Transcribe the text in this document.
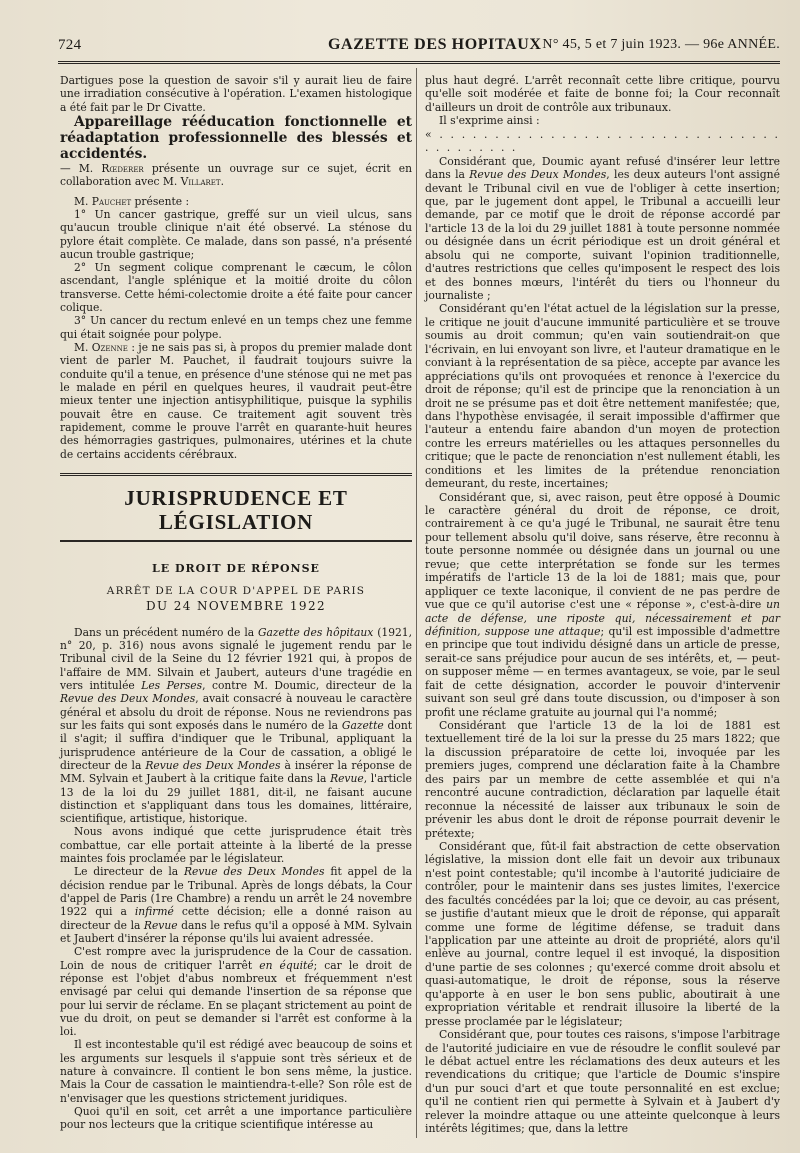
724	GAZETTE DES HOPITAUX N° 45, 5 et 7 juin 1923. — 96e ANNÉE.

Dartigues pose la question de savoir s'il y aurait lieu de faire une irradiation consécutive à l'opération. L'examen histologique a été fait par le Dr Civatte.

Appareillage rééducation fonctionnelle et réadaptation professionnelle des blessés et accidentés.

— M. Rœderer présente un ouvrage sur ce sujet, écrit en collaboration avec M. Villaret.

M. Pauchet présente :

1° Un cancer gastrique, greffé sur un vieil ulcus, sans qu'aucun trouble clinique n'ait été observé. La sténose du pylore était complète. Ce malade, dans son passé, n'a présenté aucun trouble gastrique;

2° Un segment colique comprenant le cæcum, le côlon ascendant, l'angle splénique et la moitié droite du côlon transverse. Cette hémi-colectomie droite a été faite pour cancer colique.

3° Un cancer du rectum enlevé en un temps chez une femme qui était soignée pour polype.

M. Ozenne : je ne sais pas si, à propos du premier malade dont vient de parler M. Pauchet, il faudrait toujours suivre la conduite qu'il a tenue, en présence d'une sténose qui ne met pas le malade en péril en quelques heures, il vaudrait peut-être mieux tenter une injection antisyphilitique, puisque la syphilis pouvait être en cause. Ce traitement agit souvent très rapidement, comme le prouve l'arrêt en quarante-huit heures des hémorragies gastriques, pulmonaires, utérines et la chute de certains accidents cérébraux.

JURISPRUDENCE ET LÉGISLATION
LE DROIT DE RÉPONSE
ARRÊT DE LA COUR D'APPEL DE PARIS
DU 24 NOVEMBRE 1922

Dans un précédent numéro de la Gazette des hôpitaux (1921, n° 20, p. 316) nous avons signalé le jugement rendu par le Tribunal civil de la Seine du 12 février 1921 qui, à propos de l'affaire de MM. Silvain et Jaubert, auteurs d'une tragédie en vers intitulée Les Perses, contre M. Doumic, directeur de la Revue des Deux Mondes, avait consacré à nouveau le caractère général et absolu du droit de réponse. Nous ne reviendrons pas sur les faits qui sont exposés dans le numéro de la Gazette dont il s'agit; il suffira d'indiquer que le Tribunal, appliquant la jurisprudence antérieure de la Cour de cassation, a obligé le directeur de la Revue des Deux Mondes à insérer la réponse de MM. Sylvain et Jaubert à la critique faite dans la Revue, l'article 13 de la loi du 29 juillet 1881, dit-il, ne faisant aucune distinction et s'appliquant dans tous les domaines, littéraire, scientifique, artistique, historique.

Nous avons indiqué que cette jurisprudence était très combattue, car elle portait atteinte à la liberté de la presse maintes fois proclamée par le législateur.

Le directeur de la Revue des Deux Mondes fit appel de la décision rendue par le Tribunal. Après de longs débats, la Cour d'appel de Paris (1re Chambre) a rendu un arrêt le 24 novembre 1922 qui a infirmé cette décision; elle a donné raison au directeur de la Revue dans le refus qu'il a opposé à MM. Sylvain et Jaubert d'insérer la réponse qu'ils lui avaient adressée.

C'est rompre avec la jurisprudence de la Cour de cassation. Loin de nous de critiquer l'arrêt en équité; car le droit de réponse est l'objet d'abus nombreux et fréquemment n'est envisagé par celui qui demande l'insertion de sa réponse que pour lui servir de réclame. En se plaçant strictement au point de vue du droit, on peut se demander si l'arrêt est conforme à la loi.

Il est incontestable qu'il est rédigé avec beaucoup de soins et les arguments sur lesquels il s'appuie sont très sérieux et de nature à convaincre. Il contient le bon sens même, la justice. Mais la Cour de cassation le maintiendra-t-elle? Son rôle est de n'envisager que les questions strictement juridiques.

Quoi qu'il en soit, cet arrêt a une importance particulière pour nos lecteurs que la critique scientifique intéresse au

plus haut degré. L'arrêt reconnaît cette libre critique, pourvu qu'elle soit modérée et faite de bonne foi; la Cour reconnaît d'ailleurs un droit de contrôle aux tribunaux.

Il s'exprime ainsi :

« . . . . . . . . . . . . . . . . . . . . . . . . . . . . . . . . . . . . . . . .

Considérant que, Doumic ayant refusé d'insérer leur lettre dans la Revue des Deux Mondes, les deux auteurs l'ont assigné devant le Tribunal civil en vue de l'obliger à cette insertion; que, par le jugement dont appel, le Tribunal a accueilli leur demande, par ce motif que le droit de réponse accordé par l'article 13 de la loi du 29 juillet 1881 à toute personne nommée ou désignée dans un écrit périodique est un droit général et absolu qui ne comporte, suivant l'opinion traditionnelle, d'autres restrictions que celles qu'imposent le respect des lois et des bonnes mœurs, l'intérêt du tiers ou l'honneur du journaliste ;

Considérant qu'en l'état actuel de la législation sur la presse, le critique ne jouit d'aucune immunité particulière et se trouve soumis au droit commun; qu'en vain soutiendrait-on que l'écrivain, en lui envoyant son livre, et l'auteur dramatique en le conviant à la représentation de sa pièce, accepte par avance les appréciations qu'ils ont provoquées et renonce à l'exercice du droit de réponse; qu'il est de principe que la renonciation à un droit ne se présume pas et doit être nettement manifestée; que, dans l'hypothèse envisagée, il serait impossible d'affirmer que l'auteur a entendu faire abandon d'un moyen de protection contre les erreurs matérielles ou les attaques personnelles du critique; que le pacte de renonciation n'est nullement établi, les conditions et les limites de la prétendue renonciation demeurant, du reste, incertaines;

Considérant que, si, avec raison, peut être opposé à Doumic le caractère général du droit de réponse, ce droit, contrairement à ce qu'a jugé le Tribunal, ne saurait être tenu pour tellement absolu qu'il doive, sans réserve, être reconnu à toute personne nommée ou désignée dans un journal ou une revue; que cette interprétation se fonde sur les termes impératifs de l'article 13 de la loi de 1881; mais que, pour appliquer ce texte laconique, il convient de ne pas perdre de vue que ce qu'il autorise c'est une « réponse », c'est-à-dire un acte de défense, une riposte qui, nécessairement et par définition, suppose une attaque; qu'il est impossible d'admettre en principe que tout individu désigné dans un article de presse, serait-ce sans préjudice pour aucun de ses intérêts, et, — peut-on supposer même — en termes avantageux, se voie, par le seul fait de cette désignation, accorder le pouvoir d'intervenir suivant son seul gré dans toute discussion, ou d'imposer à son profit une réclame gratuite au journal qui l'a nommé;

Considérant que l'article 13 de la loi de 1881 est textuellement tiré de la loi sur la presse du 25 mars 1822; que la discussion préparatoire de cette loi, invoquée par les premiers juges, comprend une déclaration faite à la Chambre des pairs par un membre de cette assemblée et qui n'a rencontré aucune contradiction, déclaration par laquelle était reconnue la nécessité de laisser aux tribunaux le soin de prévenir les abus dont le droit de réponse pourrait devenir le prétexte;

Considérant que, fût-il fait abstraction de cette observation législative, la mission dont elle fait un devoir aux tribunaux n'est point contestable; qu'il incombe à l'autorité judiciaire de contrôler, pour le maintenir dans ses justes limites, l'exercice des facultés concédées par la loi; que ce devoir, au cas présent, se justifie d'autant mieux que le droit de réponse, qui apparaît comme une forme de légitime défense, se traduit dans l'application par une atteinte au droit de propriété, alors qu'il enlève au journal, contre lequel il est invoqué, la disposition d'une partie de ses colonnes ; qu'exercé comme droit absolu et quasi-automatique, le droit de réponse, sous la réserve qu'apporte à en user le bon sens public, aboutirait à une expropriation véritable et rendrait illusoire la liberté de la presse proclamée par le législateur;

Considérant que, pour toutes ces raisons, s'impose l'arbitrage de l'autorité judiciaire en vue de résoudre le conflit soulevé par le débat actuel entre les réclamations des deux auteurs et les revendications du critique; que l'article de Doumic s'inspire d'un pur souci d'art et que toute personnalité en est exclue; qu'il ne contient rien qui permette à Sylvain et à Jaubert d'y relever la moindre attaque ou une atteinte quelconque à leurs intérêts légitimes; que, dans la lettre
